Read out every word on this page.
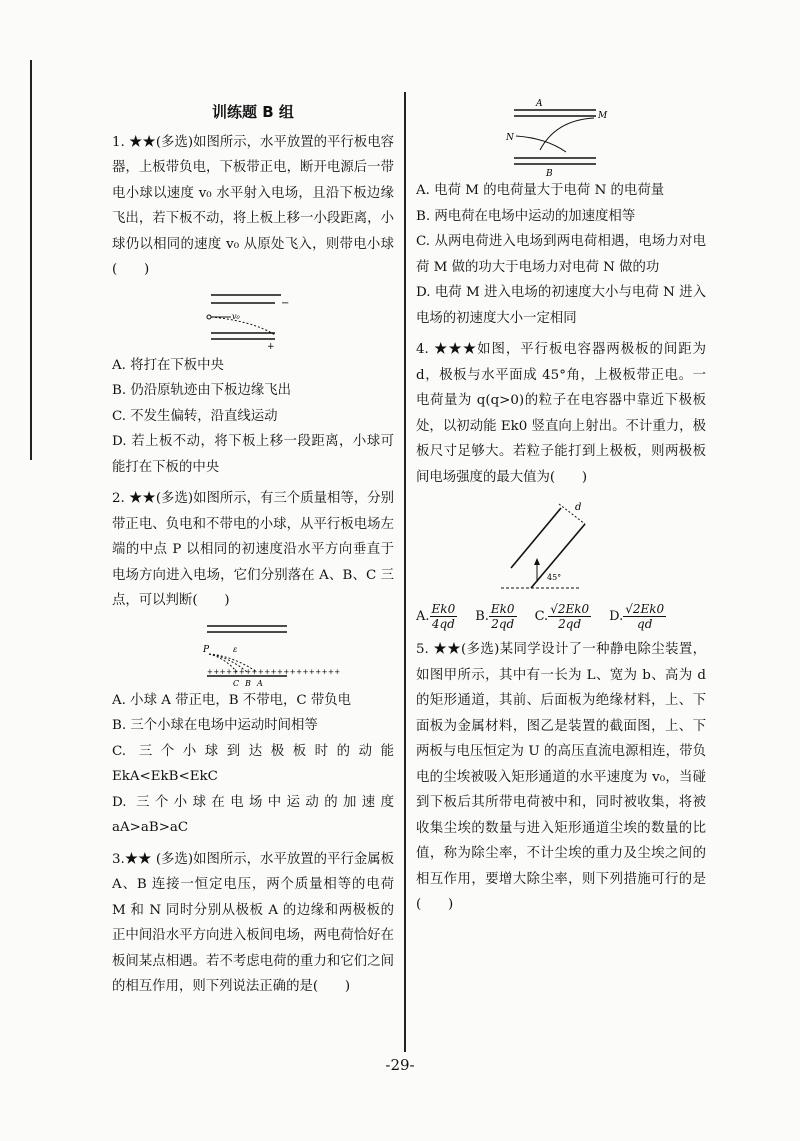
训练题 B 组

1. ★★(多选)如图所示，水平放置的平行板电容器，上板带负电，下板带正电，断开电源后一带电小球以速度 v₀ 水平射入电场，且沿下板边缘飞出，若下板不动，将上板上移一小段距离，小球仍以相同的速度 v₀ 从原处飞入，则带电小球(　　)

−
v₀
+

A. 将打在下板中央

B. 仍沿原轨迹由下板边缘飞出

C. 不发生偏转，沿直线运动

D. 若上板不动，将下板上移一段距离，小球可能打在下板的中央

2. ★★(多选)如图所示，有三个质量相等，分别带正电、负电和不带电的小球，从平行板电场左端的中点 P 以相同的初速度沿水平方向垂直于电场方向进入电场，它们分别落在 A、B、C 三点，可以判断(　　)

P	ε
+++++++++++++++++++++
C B A

A. 小球 A 带正电，B 不带电，C 带负电

B. 三个小球在电场中运动时间相等

C. 三个小球到达极板时的动能 EkA<EkB<EkC

D. 三个小球在电场中运动的加速度 aA>aB>aC

3.★★ (多选)如图所示，水平放置的平行金属板 A、B 连接一恒定电压，两个质量相等的电荷 M 和 N 同时分别从极板 A 的边缘和两极板的正中间沿水平方向进入板间电场，两电荷恰好在板间某点相遇。若不考虑电荷的重力和它们之间的相互作用，则下列说法正确的是(　　)

A
M
N
B

A. 电荷 M 的电荷量大于电荷 N 的电荷量

B. 两电荷在电场中运动的加速度相等

C. 从两电荷进入电场到两电荷相遇，电场力对电荷 M 做的功大于电场力对电荷 N 做的功

D. 电荷 M 进入电场的初速度大小与电荷 N 进入电场的初速度大小一定相同

4. ★★★如图，平行板电容器两极板的间距为 d，极板与水平面成 45°角，上极板带正电。一电荷量为 q(q>0)的粒子在电容器中靠近下极板处，以初动能 Ek0 竖直向上射出。不计重力，极板尺寸足够大。若粒子能打到上极板，则两极板间电场强度的最大值为(　　)

d
45°
A. $\frac{Ek0}{4qd} B$. $\frac{Ek0}{2qd} C$. $\frac{√2Ek0}{2qd} D$. $\frac{√2Ek0}{qd}$

5. ★★(多选)某同学设计了一种静电除尘装置，如图甲所示，其中有一长为 L、宽为 b、高为 d 的矩形通道，其前、后面板为绝缘材料，上、下面板为金属材料，图乙是装置的截面图，上、下两板与电压恒定为 U 的高压直流电源相连，带负电的尘埃被吸入矩形通道的水平速度为 v₀，当碰到下板后其所带电荷被中和，同时被收集，将被收集尘埃的数量与进入矩形通道尘埃的数量的比值，称为除尘率，不计尘埃的重力及尘埃之间的相互作用，要增大除尘率，则下列措施可行的是(　　)

-29-
